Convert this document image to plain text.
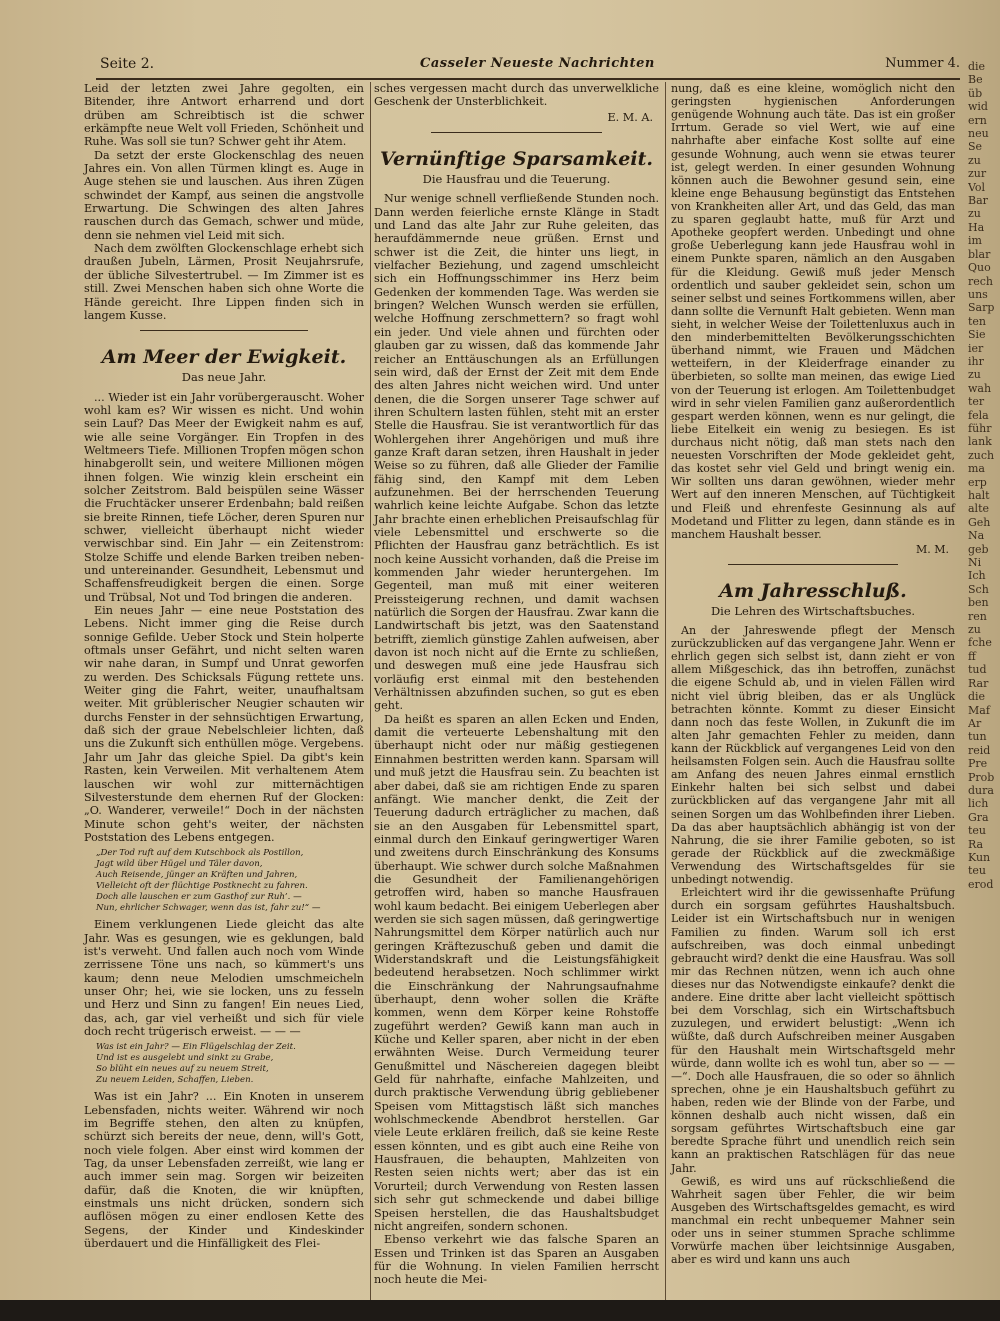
Seite 2.	Casseler Neueste Nachrichten	Nummer 4.

Leid der letzten zwei Jahre gegolten, ein Bitender, ihre Antwort erharrend und dort drüben am Schreibtisch ist die schwer erkämpfte neue Welt voll Frieden, Schönheit und Ruhe. Was soll sie tun? Schwer geht ihr Atem.

Da setzt der erste Glockenschlag des neuen Jahres ein. Von allen Türmen klingt es. Auge in Auge stehen sie und lauschen. Aus ihren Zügen schwindet der Kampf, aus seinen die angstvolle Erwartung. Die Schwingen des alten Jahres rauschen durch das Gemach, schwer und müde, denn sie nehmen viel Leid mit sich.

Nach dem zwölften Glockenschlage erhebt sich draußen Jubeln, Lärmen, Prosit Neujahrsrufe, der übliche Silvestertrubel. — Im Zimmer ist es still. Zwei Menschen haben sich ohne Worte die Hände gereicht. Ihre Lippen finden sich in langem Kusse.

Am Meer der Ewigkeit.
Das neue Jahr.

... Wieder ist ein Jahr vorübergerauscht. Woher wohl kam es? Wir wissen es nicht. Und wohin sein Lauf? Das Meer der Ewigkeit nahm es auf, wie alle seine Vorgänger. Ein Tropfen in des Weltmeers Tiefe. Millionen Tropfen mögen schon hinabgerollt sein, und weitere Millionen mögen ihnen folgen. Wie winzig klein erscheint ein solcher Zeitstrom. Bald beispülen seine Wässer die Fruchtäcker unserer Erdenbahn; bald reißen sie breite Rinnen, tiefe Löcher, deren Spuren nur schwer, vielleicht überhaupt nicht wieder verwischbar sind. Ein Jahr — ein Zeitenstrom: Stolze Schiffe und elende Barken treiben neben- und untereinander. Gesundheit, Lebensmut und Schaffensfreudigkeit bergen die einen. Sorge und Trübsal, Not und Tod bringen die anderen.

Ein neues Jahr — eine neue Poststation des Lebens. Nicht immer ging die Reise durch sonnige Gefilde. Ueber Stock und Stein holperte oftmals unser Gefährt, und nicht selten waren wir nahe daran, in Sumpf und Unrat geworfen zu werden. Des Schicksals Fügung rettete uns. Weiter ging die Fahrt, weiter, unaufhaltsam weiter. Mit grüblerischer Neugier schauten wir durchs Fenster in der sehnsüchtigen Erwartung, daß sich der graue Nebelschleier lichten, daß uns die Zukunft sich enthüllen möge. Vergebens. Jahr um Jahr das gleiche Spiel. Da gibt's kein Rasten, kein Verweilen. Mit verhaltenem Atem lauschen wir wohl zur mitternächtigen Silvesterstunde dem ehernen Ruf der Glocken: „O. Wanderer, verweile!“ Doch in der nächsten Minute schon geht's weiter, der nächsten Poststation des Lebens entgegen.

„Der Tod ruft auf dem Kutschbock als Postillon,
Jagt wild über Hügel und Täler davon,
Auch Reisende, jünger an Kräften und Jahren,
Vielleicht oft der flüchtige Postknecht zu fahren.
Doch alle lauschen er zum Gasthof zur Ruh’. —
Nun, ehrlicher Schwager, wenn das ist, fahr zu!“ —

Einem verklungenen Liede gleicht das alte Jahr. Was es gesungen, wie es geklungen, bald ist's verweht. Und fallen auch noch vom Winde zerrissene Töne uns nach, so kümmert's uns kaum; denn neue Melodien umschmeicheln unser Ohr; hei, wie sie locken, uns zu fesseln und Herz und Sinn zu fangen! Ein neues Lied, das, ach, gar viel verheißt und sich für viele doch recht trügerisch erweist. — — —

Was ist ein Jahr? — Ein Flügelschlag der Zeit.
Und ist es ausgelebt und sinkt zu Grabe,
So blüht ein neues auf zu neuem Streit,
Zu neuem Leiden, Schaffen, Lieben.

Was ist ein Jahr? ... Ein Knoten in unserem Lebensfaden, nichts weiter. Während wir noch im Begriffe stehen, den alten zu knüpfen, schürzt sich bereits der neue, denn, will's Gott, noch viele folgen. Aber einst wird kommen der Tag, da unser Lebensfaden zerreißt, wie lang er auch immer sein mag. Sorgen wir beizeiten dafür, daß die Knoten, die wir knüpften, einstmals uns nicht drücken, sondern sich auflösen mögen zu einer endlosen Kette des Segens, der Kinder und Kindeskinder überdauert und die Hinfälligkeit des Flei-

sches vergessen macht durch das unverwelkliche Geschenk der Unsterblichkeit.

E. M. A.
Vernünftige Sparsamkeit.
Die Hausfrau und die Teuerung.

Nur wenige schnell verfließende Stunden noch. Dann werden feierliche ernste Klänge in Stadt und Land das alte Jahr zur Ruhe geleiten, das heraufdämmernde neue grüßen. Ernst und schwer ist die Zeit, die hinter uns liegt, in vielfacher Beziehung, und zagend umschleicht sich ein Hoffnungsschimmer ins Herz beim Gedenken der kommenden Tage. Was werden sie bringen? Welchen Wunsch werden sie erfüllen, welche Hoffnung zerschmettern? so fragt wohl ein jeder. Und viele ahnen und fürchten oder glauben gar zu wissen, daß das kommende Jahr reicher an Enttäuschungen als an Erfüllungen sein wird, daß der Ernst der Zeit mit dem Ende des alten Jahres nicht weichen wird. Und unter denen, die die Sorgen unserer Tage schwer auf ihren Schultern lasten fühlen, steht mit an erster Stelle die Hausfrau. Sie ist verantwortlich für das Wohlergehen ihrer Angehörigen und muß ihre ganze Kraft daran setzen, ihren Haushalt in jeder Weise so zu führen, daß alle Glieder der Familie fähig sind, den Kampf mit dem Leben aufzunehmen. Bei der herrschenden Teuerung wahrlich keine leichte Aufgabe. Schon das letzte Jahr brachte einen erheblichen Preisaufschlag für viele Lebensmittel und erschwerte so die Pflichten der Hausfrau ganz beträchtlich. Es ist noch keine Aussicht vorhanden, daß die Preise im kommenden Jahr wieder heruntergehen. Im Gegenteil, man muß mit einer weiteren Preissteigerung rechnen, und damit wachsen natürlich die Sorgen der Hausfrau. Zwar kann die Landwirtschaft bis jetzt, was den Saatenstand betrifft, ziemlich günstige Zahlen aufweisen, aber davon ist noch nicht auf die Ernte zu schließen, und deswegen muß eine jede Hausfrau sich vorläufig erst einmal mit den bestehenden Verhältnissen abzufinden suchen, so gut es eben geht.

Da heißt es sparen an allen Ecken und Enden, damit die verteuerte Lebenshaltung mit den überhaupt nicht oder nur mäßig gestiegenen Einnahmen bestritten werden kann. Sparsam will und muß jetzt die Hausfrau sein. Zu beachten ist aber dabei, daß sie am richtigen Ende zu sparen anfängt. Wie mancher denkt, die Zeit der Teuerung dadurch erträglicher zu machen, daß sie an den Ausgaben für Lebensmittel spart, einmal durch den Einkauf geringwertiger Waren und zweitens durch Einschränkung des Konsums überhaupt. Wie schwer durch solche Maßnahmen die Gesundheit der Familienangehörigen getroffen wird, haben so manche Hausfrauen wohl kaum bedacht. Bei einigem Ueberlegen aber werden sie sich sagen müssen, daß geringwertige Nahrungsmittel dem Körper natürlich auch nur geringen Kräftezuschuß geben und damit die Widerstandskraft und die Leistungsfähigkeit bedeutend herabsetzen. Noch schlimmer wirkt die Einschränkung der Nahrungsaufnahme überhaupt, denn woher sollen die Kräfte kommen, wenn dem Körper keine Rohstoffe zugeführt werden? Gewiß kann man auch in Küche und Keller sparen, aber nicht in der eben erwähnten Weise. Durch Vermeidung teurer Genußmittel und Näschereien dagegen bleibt Geld für nahrhafte, einfache Mahlzeiten, und durch praktische Verwendung übrig gebliebener Speisen vom Mittagstisch läßt sich manches wohlschmeckende Abendbrot herstellen. Gar viele Leute erklären freilich, daß sie keine Reste essen könnten, und es gibt auch eine Reihe von Hausfrauen, die behaupten, Mahlzeiten von Resten seien nichts wert; aber das ist ein Vorurteil; durch Verwendung von Resten lassen sich sehr gut schmeckende und dabei billige Speisen herstellen, die das Haushaltsbudget nicht angreifen, sondern schonen.

Ebenso verkehrt wie das falsche Sparen an Essen und Trinken ist das Sparen an Ausgaben für die Wohnung. In vielen Familien herrscht noch heute die Mei-

nung, daß es eine kleine, womöglich nicht den geringsten hygienischen Anforderungen genügende Wohnung auch täte. Das ist ein großer Irrtum. Gerade so viel Wert, wie auf eine nahrhafte aber einfache Kost sollte auf eine gesunde Wohnung, auch wenn sie etwas teurer ist, gelegt werden. In einer gesunden Wohnung können auch die Bewohner gesund sein, eine kleine enge Behausung begünstigt das Entstehen von Krankheiten aller Art, und das Geld, das man zu sparen geglaubt hatte, muß für Arzt und Apotheke geopfert werden. Unbedingt und ohne große Ueberlegung kann jede Hausfrau wohl in einem Punkte sparen, nämlich an den Ausgaben für die Kleidung. Gewiß muß jeder Mensch ordentlich und sauber gekleidet sein, schon um seiner selbst und seines Fortkommens willen, aber dann sollte die Vernunft Halt gebieten. Wenn man sieht, in welcher Weise der Toilettenluxus auch in den minderbemittelten Bevölkerungsschichten überhand nimmt, wie Frauen und Mädchen wetteifern, in der Kleiderfrage einander zu überbieten, so sollte man meinen, das ewige Lied von der Teuerung ist erlogen. Am Toilettenbudget wird in sehr vielen Familien ganz außerordentlich gespart werden können, wenn es nur gelingt, die liebe Eitelkeit ein wenig zu besiegen. Es ist durchaus nicht nötig, daß man stets nach den neuesten Vorschriften der Mode gekleidet geht, das kostet sehr viel Geld und bringt wenig ein. Wir sollten uns daran gewöhnen, wieder mehr Wert auf den inneren Menschen, auf Tüchtigkeit und Fleiß und ehrenfeste Gesinnung als auf Modetand und Flitter zu legen, dann stände es in manchem Haushalt besser.

M. M.
Am Jahresschluß.
Die Lehren des Wirtschaftsbuches.

An der Jahreswende pflegt der Mensch zurückzublicken auf das vergangene Jahr. Wenn er ehrlich gegen sich selbst ist, dann zieht er von allem Mißgeschick, das ihn betroffen, zunächst die eigene Schuld ab, und in vielen Fällen wird nicht viel übrig bleiben, das er als Unglück betrachten könnte. Kommt zu dieser Einsicht dann noch das feste Wollen, in Zukunft die im alten Jahr gemachten Fehler zu meiden, dann kann der Rückblick auf vergangenes Leid von den heilsamsten Folgen sein. Auch die Hausfrau sollte am Anfang des neuen Jahres einmal ernstlich Einkehr halten bei sich selbst und dabei zurückblicken auf das vergangene Jahr mit all seinen Sorgen um das Wohlbefinden ihrer Lieben. Da das aber hauptsächlich abhängig ist von der Nahrung, die sie ihrer Familie geboten, so ist gerade der Rückblick auf die zweckmäßige Verwendung des Wirtschaftsgeldes für sie unbedingt notwendig.

Erleichtert wird ihr die gewissenhafte Prüfung durch ein sorgsam geführtes Haushaltsbuch. Leider ist ein Wirtschaftsbuch nur in wenigen Familien zu finden. Warum soll ich erst aufschreiben, was doch einmal unbedingt gebraucht wird? denkt die eine Hausfrau. Was soll mir das Rechnen nützen, wenn ich auch ohne dieses nur das Notwendigste einkaufe? denkt die andere. Eine dritte aber lacht vielleicht spöttisch bei dem Vorschlag, sich ein Wirtschaftsbuch zuzulegen, und erwidert belustigt: „Wenn ich wüßte, daß durch Aufschreiben meiner Ausgaben für den Haushalt mein Wirtschaftsgeld mehr würde, dann wollte ich es wohl tun, aber so — — —“. Doch alle Hausfrauen, die so oder so ähnlich sprechen, ohne je ein Haushaltsbuch geführt zu haben, reden wie der Blinde von der Farbe, und können deshalb auch nicht wissen, daß ein sorgsam geführtes Wirtschaftsbuch eine gar beredte Sprache führt und unendlich reich sein kann an praktischen Ratschlägen für das neue Jahr.

Gewiß, es wird uns auf rückschließend die Wahrheit sagen über Fehler, die wir beim Ausgeben des Wirtschaftsgeldes gemacht, es wird manchmal ein recht unbequemer Mahner sein oder uns in seiner stummen Sprache schlimme Vorwürfe machen über leichtsinnige Ausgaben, aber es wird und kann uns auch

die
Be
üb
wid
ern
neu
Se
zu
zur
Vol
Bar
zu
Ha
im
blar
Quo
rech
uns
Sarp
ten
Sie
ier
ihr
zu
wah
ter
fela
führ
lank
zuch
ma
erp
halt
alte
Geh
Na
geb
Ni
Ich
Sch
ben
ren
zu
fche
ff
tud
Rar
die
Maf
Ar
tun
reid
Pre
Prob
dura
lich
Gra
teu
Ra
Kun
teu
erod
